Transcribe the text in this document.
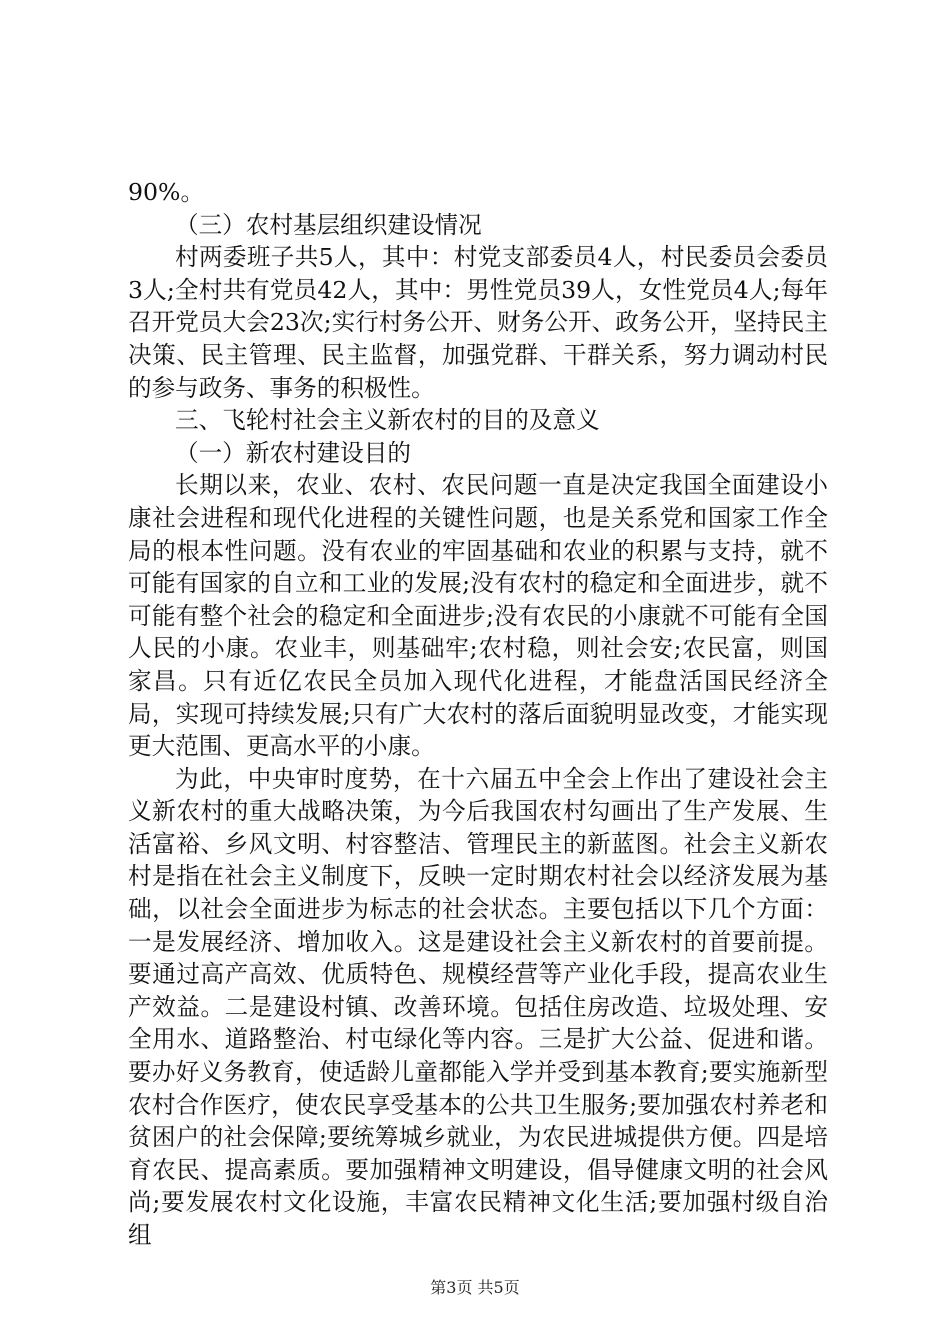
90%。

（三）农村基层组织建设情况

村两委班子共5人，其中：村党支部委员4人，村民委员会委员3人;全村共有党员42人，其中：男性党员39人，女性党员4人;每年召开党员大会23次;实行村务公开、财务公开、政务公开，坚持民主决策、民主管理、民主监督，加强党群、干群关系，努力调动村民的参与政务、事务的积极性。

三、飞轮村社会主义新农村的目的及意义

（一）新农村建设目的

长期以来，农业、农村、农民问题一直是决定我国全面建设小康社会进程和现代化进程的关键性问题，也是关系党和国家工作全局的根本性问题。没有农业的牢固基础和农业的积累与支持，就不可能有国家的自立和工业的发展;没有农村的稳定和全面进步，就不可能有整个社会的稳定和全面进步;没有农民的小康就不可能有全国人民的小康。农业丰，则基础牢;农村稳，则社会安;农民富，则国家昌。只有近亿农民全员加入现代化进程，才能盘活国民经济全局，实现可持续发展;只有广大农村的落后面貌明显改变，才能实现更大范围、更高水平的小康。

为此，中央审时度势，在十六届五中全会上作出了建设社会主义新农村的重大战略决策，为今后我国农村勾画出了生产发展、生活富裕、乡风文明、村容整洁、管理民主的新蓝图。社会主义新农村是指在社会主义制度下，反映一定时期农村社会以经济发展为基础，以社会全面进步为标志的社会状态。主要包括以下几个方面：一是发展经济、增加收入。这是建设社会主义新农村的首要前提。要通过高产高效、优质特色、规模经营等产业化手段，提高农业生产效益。二是建设村镇、改善环境。包括住房改造、垃圾处理、安全用水、道路整治、村屯绿化等内容。三是扩大公益、促进和谐。要办好义务教育，使适龄儿童都能入学并受到基本教育;要实施新型农村合作医疗，使农民享受基本的公共卫生服务;要加强农村养老和贫困户的社会保障;要统筹城乡就业，为农民进城提供方便。四是培育农民、提高素质。要加强精神文明建设，倡导健康文明的社会风尚;要发展农村文化设施，丰富农民精神文化生活;要加强村级自治组

第3页 共5页
